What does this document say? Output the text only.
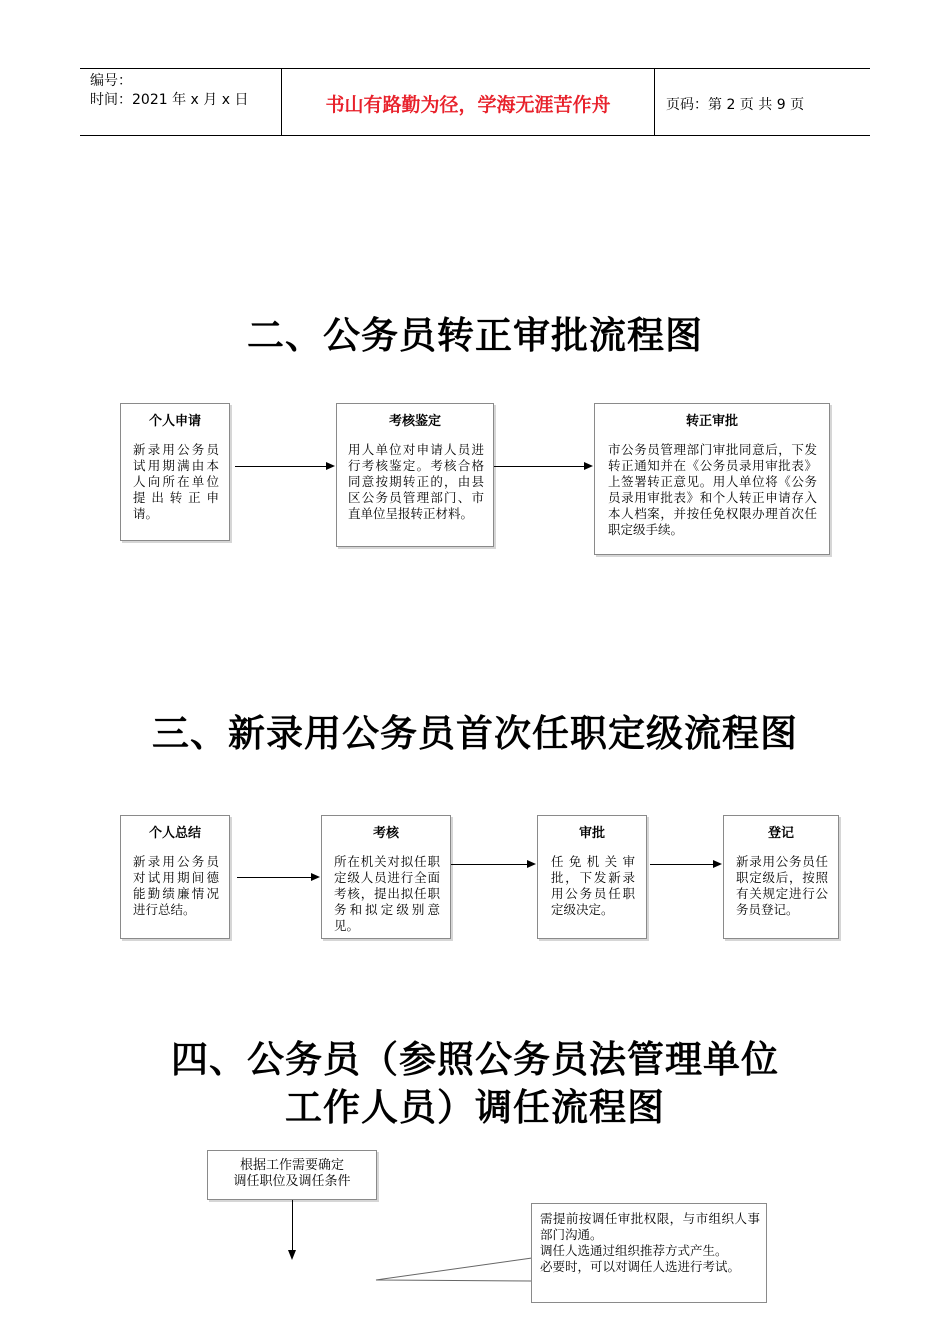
编号：
时间：2021 年 x 月 x 日	书山有路勤为径，学海无涯苦作舟	页码：第 2 页 共 9 页
二、公务员转正审批流程图
个人申请
新录用公务员试用期满由本人向所在单位提出转正申请。
考核鉴定
用人单位对申请人员进行考核鉴定。考核合格同意按期转正的，由县区公务员管理部门、市直单位呈报转正材料。
转正审批
市公务员管理部门审批同意后，下发转正通知并在《公务员录用审批表》上签署转正意见。用人单位将《公务员录用审批表》和个人转正申请存入本人档案，并按任免权限办理首次任职定级手续。
三、新录用公务员首次任职定级流程图
个人总结
新录用公务员对试用期间德能勤绩廉情况进行总结。
考核
所在机关对拟任职定级人员进行全面考核，提出拟任职务和拟定级别意见。
审批
任免机关审批，下发新录用公务员任职定级决定。
登记
新录用公务员任职定级后，按照有关规定进行公务员登记。
四、公务员（参照公务员法管理单位
工作人员）调任流程图
根据工作需要确定
调任职位及调任条件
需提前按调任审批权限，与市组织人事部门沟通。
调任人选通过组织推荐方式产生。
必要时，可以对调任人选进行考试。
